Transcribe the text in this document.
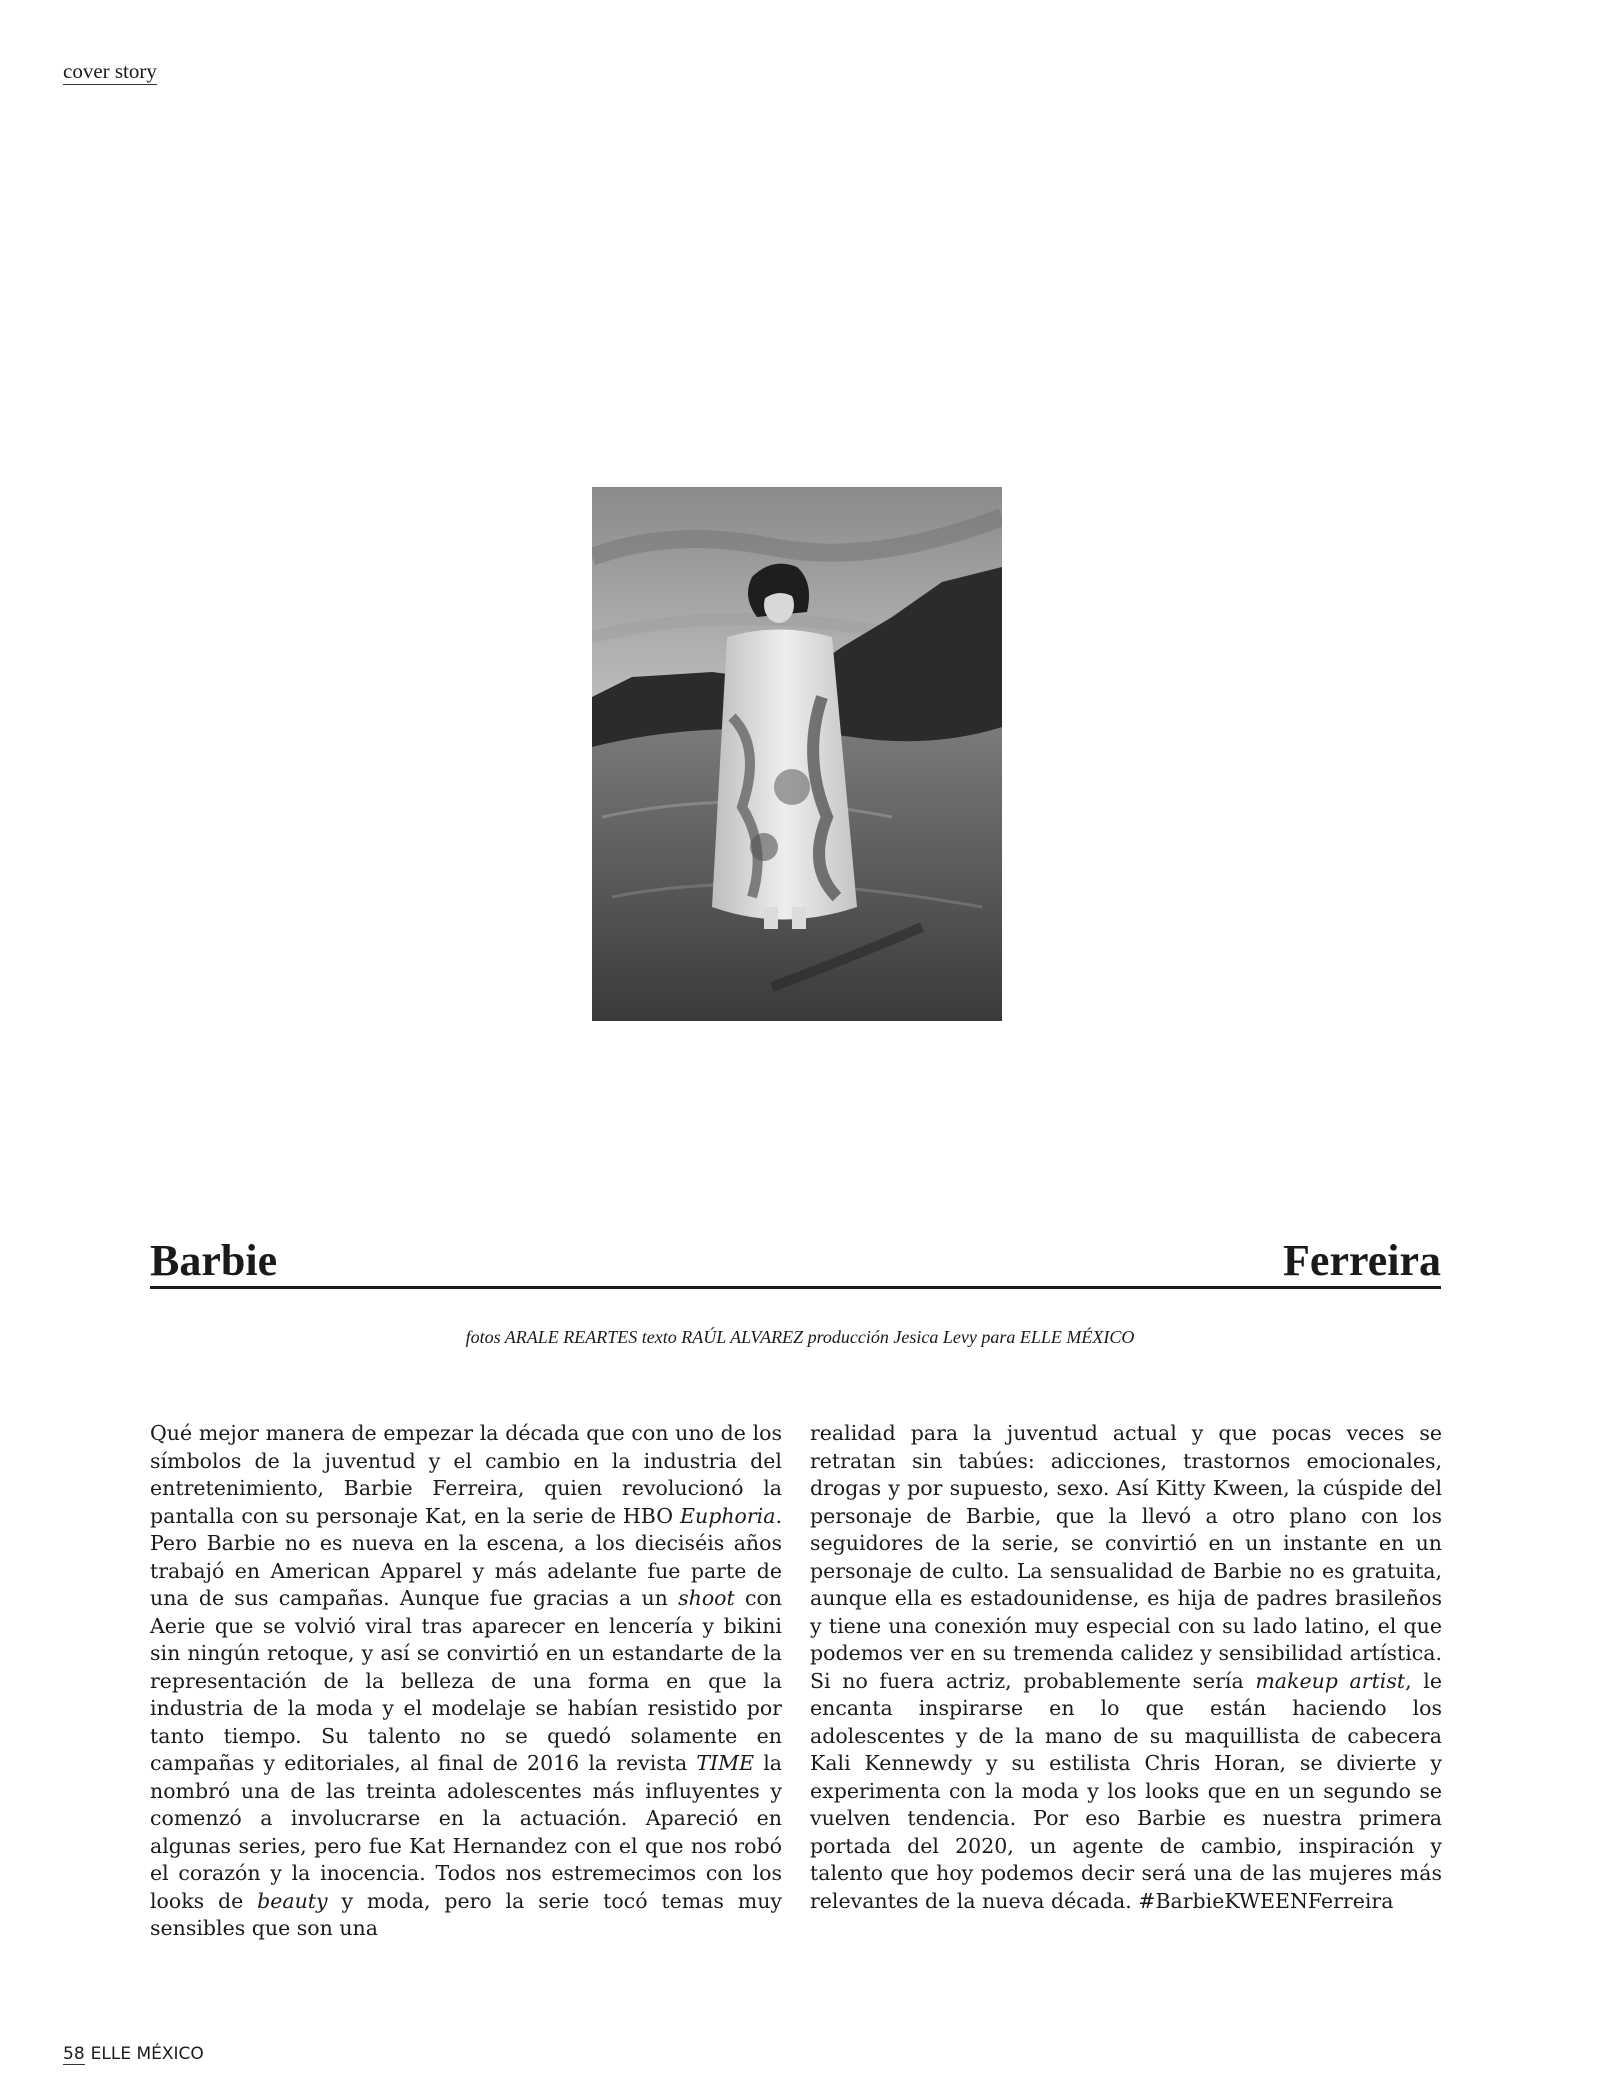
cover story
Barbie	Ferreira
fotos ARALE REARTES texto RAÚL ALVAREZ producción Jesica Levy para ELLE MÉXICO

Qué mejor manera de empezar la década que con uno de los símbolos de la juventud y el cambio en la industria del entretenimiento, Barbie Ferreira, quien revolucionó la pantalla con su personaje Kat, en la serie de HBO Euphoria. Pero Barbie no es nueva en la escena, a los dieciséis años trabajó en American Apparel y más adelante fue parte de una de sus campañas. Aunque fue gracias a un shoot con Aerie que se volvió viral tras aparecer en lencería y bikini sin ningún retoque, y así se convirtió en un estandarte de la representación de la belleza de una forma en que la industria de la moda y el modelaje se habían resistido por tanto tiempo. Su talento no se quedó solamente en campañas y editoriales, al final de 2016 la revista TIME la nombró una de las treinta adolescentes más influyentes y comenzó a involucrarse en la actuación. Apareció en algunas series, pero fue Kat Hernandez con el que nos robó el corazón y la inocencia. Todos nos estremecimos con los looks de beauty y moda, pero la serie tocó temas muy sensibles que son una

realidad para la juventud actual y que pocas veces se retratan sin tabúes: adicciones, trastornos emocionales, drogas y por supuesto, sexo. Así Kitty Kween, la cúspide del personaje de Barbie, que la llevó a otro plano con los seguidores de la serie, se convirtió en un instante en un personaje de culto. La sensualidad de Barbie no es gratuita, aunque ella es estadounidense, es hija de padres brasileños y tiene una conexión muy especial con su lado latino, el que podemos ver en su tremenda calidez y sensibilidad artística. Si no fuera actriz, probablemente sería makeup artist, le encanta inspirarse en lo que están haciendo los adolescentes y de la mano de su maquillista de cabecera Kali Kennewdy y su estilista Chris Horan, se divierte y experimenta con la moda y los looks que en un segundo se vuelven tendencia. Por eso Barbie es nuestra primera portada del 2020, un agente de cambio, inspiración y talento que hoy podemos decir será una de las mujeres más relevantes de la nueva década. #BarbieKWEENFerreira

58 ELLE MÉXICO
